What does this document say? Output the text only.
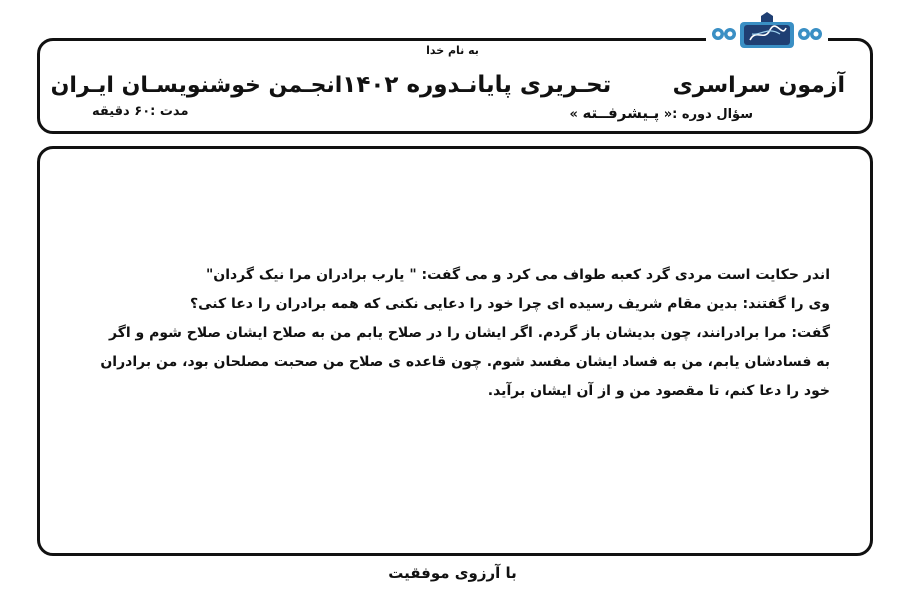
به نام خدا
آزمون سراسری        تحـریری پایانـدوره ۱۴۰۲
انجـمن خوشنویسـان ایـران
سؤال دوره :« پـیشرفــته »
مدت :۶۰ دقیقه

اندر حکایت است مردی گرد کعبه طواف می کرد و می گفت: " یارب برادران مرا نیک گردان"

وی را گفتند: بدین مقام شریف رسیده ای چرا خود را دعایی نکنی که همه برادران را دعا کنی؟

گفت: مرا برادرانند، چون بدیشان باز گردم. اگر ایشان را در صلاح یابم من به صلاح ایشان صلاح شوم و اگر

به فسادشان یابم، من به فساد ایشان مفسد شوم. چون قاعده ی صلاح من صحبت مصلحان بود، من برادران

خود را دعا کنم، تا مقصود من و از آن ایشان برآید.

با آرزوی موفقیت
